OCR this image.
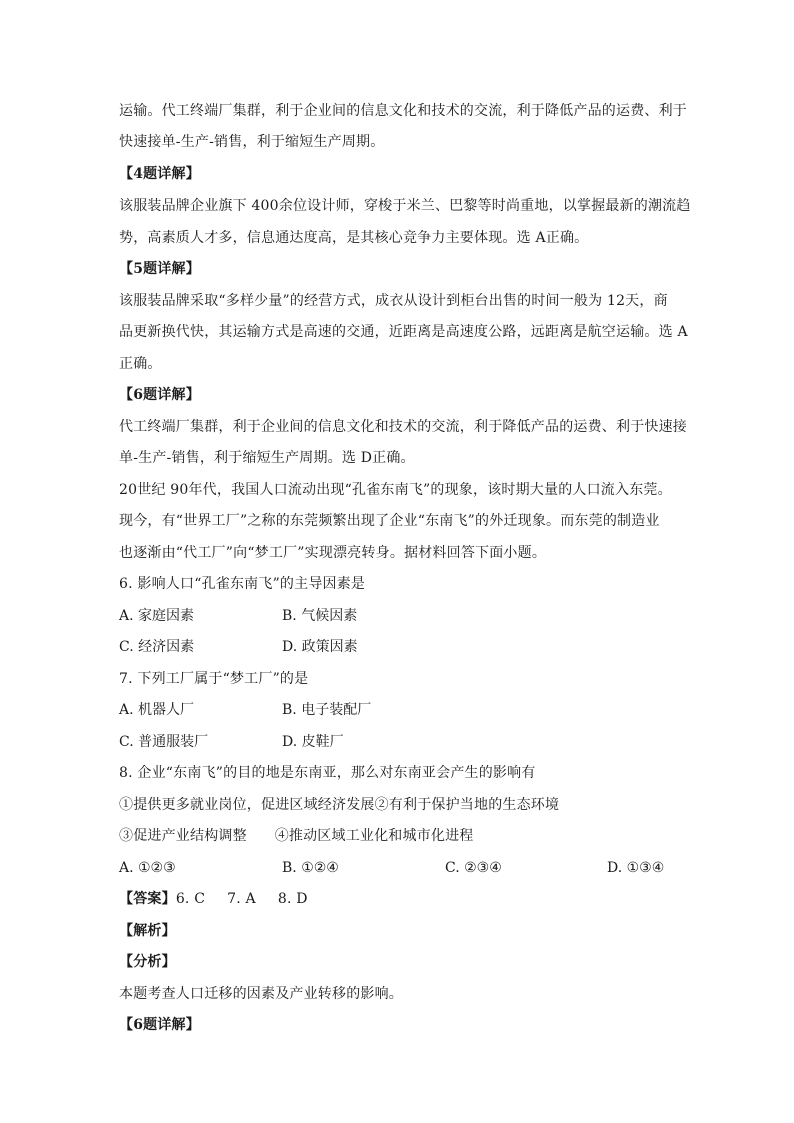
运输。代工终端厂集群，利于企业间的信息文化和技术的交流，利于降低产品的运费、利于
快速接单-生产-销售，利于缩短生产周期。
【4题详解】
该服装品牌企业旗下 400余位设计师，穿梭于米兰、巴黎等时尚重地，以掌握最新的潮流趋
势，高素质人才多，信息通达度高，是其核心竞争力主要体现。选 A正确。
【5题详解】
该服装品牌采取“多样少量”的经营方式，成衣从设计到柜台出售的时间一般为 12天，商
品更新换代快，其运输方式是高速的交通，近距离是高速度公路，远距离是航空运输。选 A
正确。
【6题详解】
代工终端厂集群，利于企业间的信息文化和技术的交流，利于降低产品的运费、利于快速接
单-生产-销售，利于缩短生产周期。选 D正确。
20世纪 90年代，我国人口流动出现“孔雀东南飞”的现象，该时期大量的人口流入东莞。
现今，有“世界工厂”之称的东莞频繁出现了企业“东南飞”的外迁现象。而东莞的制造业
也逐渐由“代工厂”向“梦工厂”实现漂亮转身。据材料回答下面小题。
6. 影响人口“孔雀东南飞”的主导因素是
A. 家庭因素	B. 气候因素
C. 经济因素	D. 政策因素
7. 下列工厂属于“梦工厂”的是
A. 机器人厂	B. 电子装配厂
C. 普通服装厂	D. 皮鞋厂
8. 企业“东南飞”的目的地是东南亚，那么对东南亚会产生的影响有
①提供更多就业岗位，促进区域经济发展②有利于保护当地的生态环境
③促进产业结构调整      ④推动区域工业化和城市化进程
A. ①②③	B. ①②④	C. ②③④	D. ①③④
【答案】6. C 7. A 8. D
【解析】
【分析】
本题考查人口迁移的因素及产业转移的影响。
【6题详解】
